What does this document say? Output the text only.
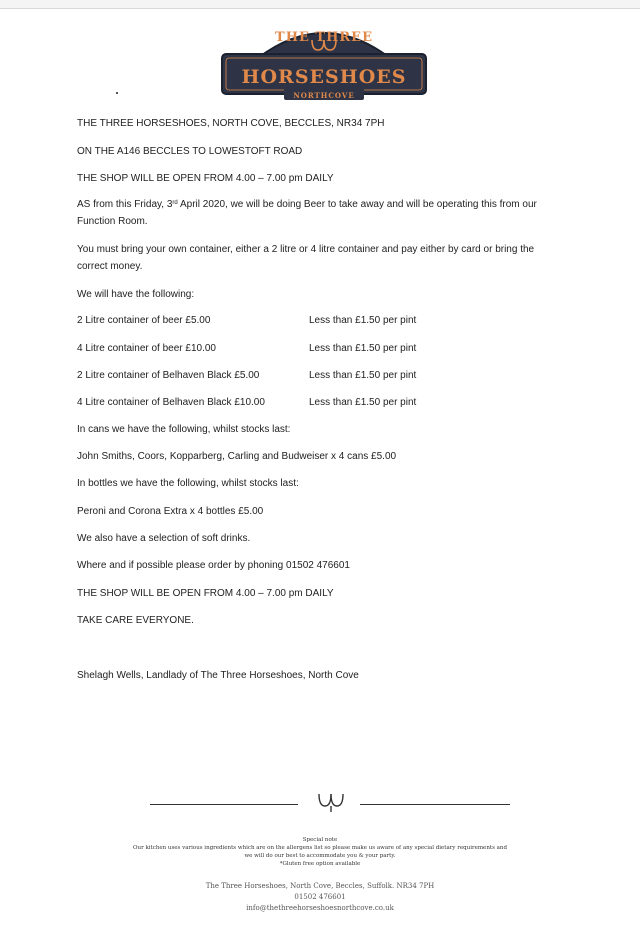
THE THREE
HORSESHOES
NORTHCOVE
THE THREE HORSESHOES, NORTH COVE, BECCLES, NR34 7PH
ON THE A146 BECCLES TO LOWESTOFT ROAD
THE SHOP WILL BE OPEN FROM 4.00 – 7.00 pm DAILY
AS from this Friday, 3rd April 2020, we will be doing Beer to take away and will be operating this from our Function Room.
You must bring your own container, either a 2 litre or 4 litre container and pay either by card or bring the correct money.
We will have the following:
2 Litre container of beer £5.00	Less than £1.50 per pint
4 Litre container of beer £10.00	Less than £1.50 per pint
2 Litre container of Belhaven Black £5.00	Less than £1.50 per pint
4 Litre container of Belhaven Black £10.00	Less than £1.50 per pint
In cans we have the following, whilst stocks last:
John Smiths, Coors, Kopparberg, Carling and Budweiser x 4 cans £5.00
In bottles we have the following, whilst stocks last:
Peroni and Corona Extra x 4 bottles £5.00
We also have a selection of soft drinks.
Where and if possible please order by phoning 01502 476601
THE SHOP WILL BE OPEN FROM 4.00 – 7.00 pm DAILY
TAKE CARE EVERYONE.
Shelagh Wells, Landlady of The Three Horseshoes, North Cove
Special note
Our kitchen uses various ingredients which are on the allergens list so please make us aware of any special dietary requirements and
we will do our best to accommodate you & your party.
*Gluten free option available
The Three Horseshoes, North Cove, Beccles, Suffolk. NR34 7PH
01502 476601
info@thethreehorseshoesnorthcove.co.uk
